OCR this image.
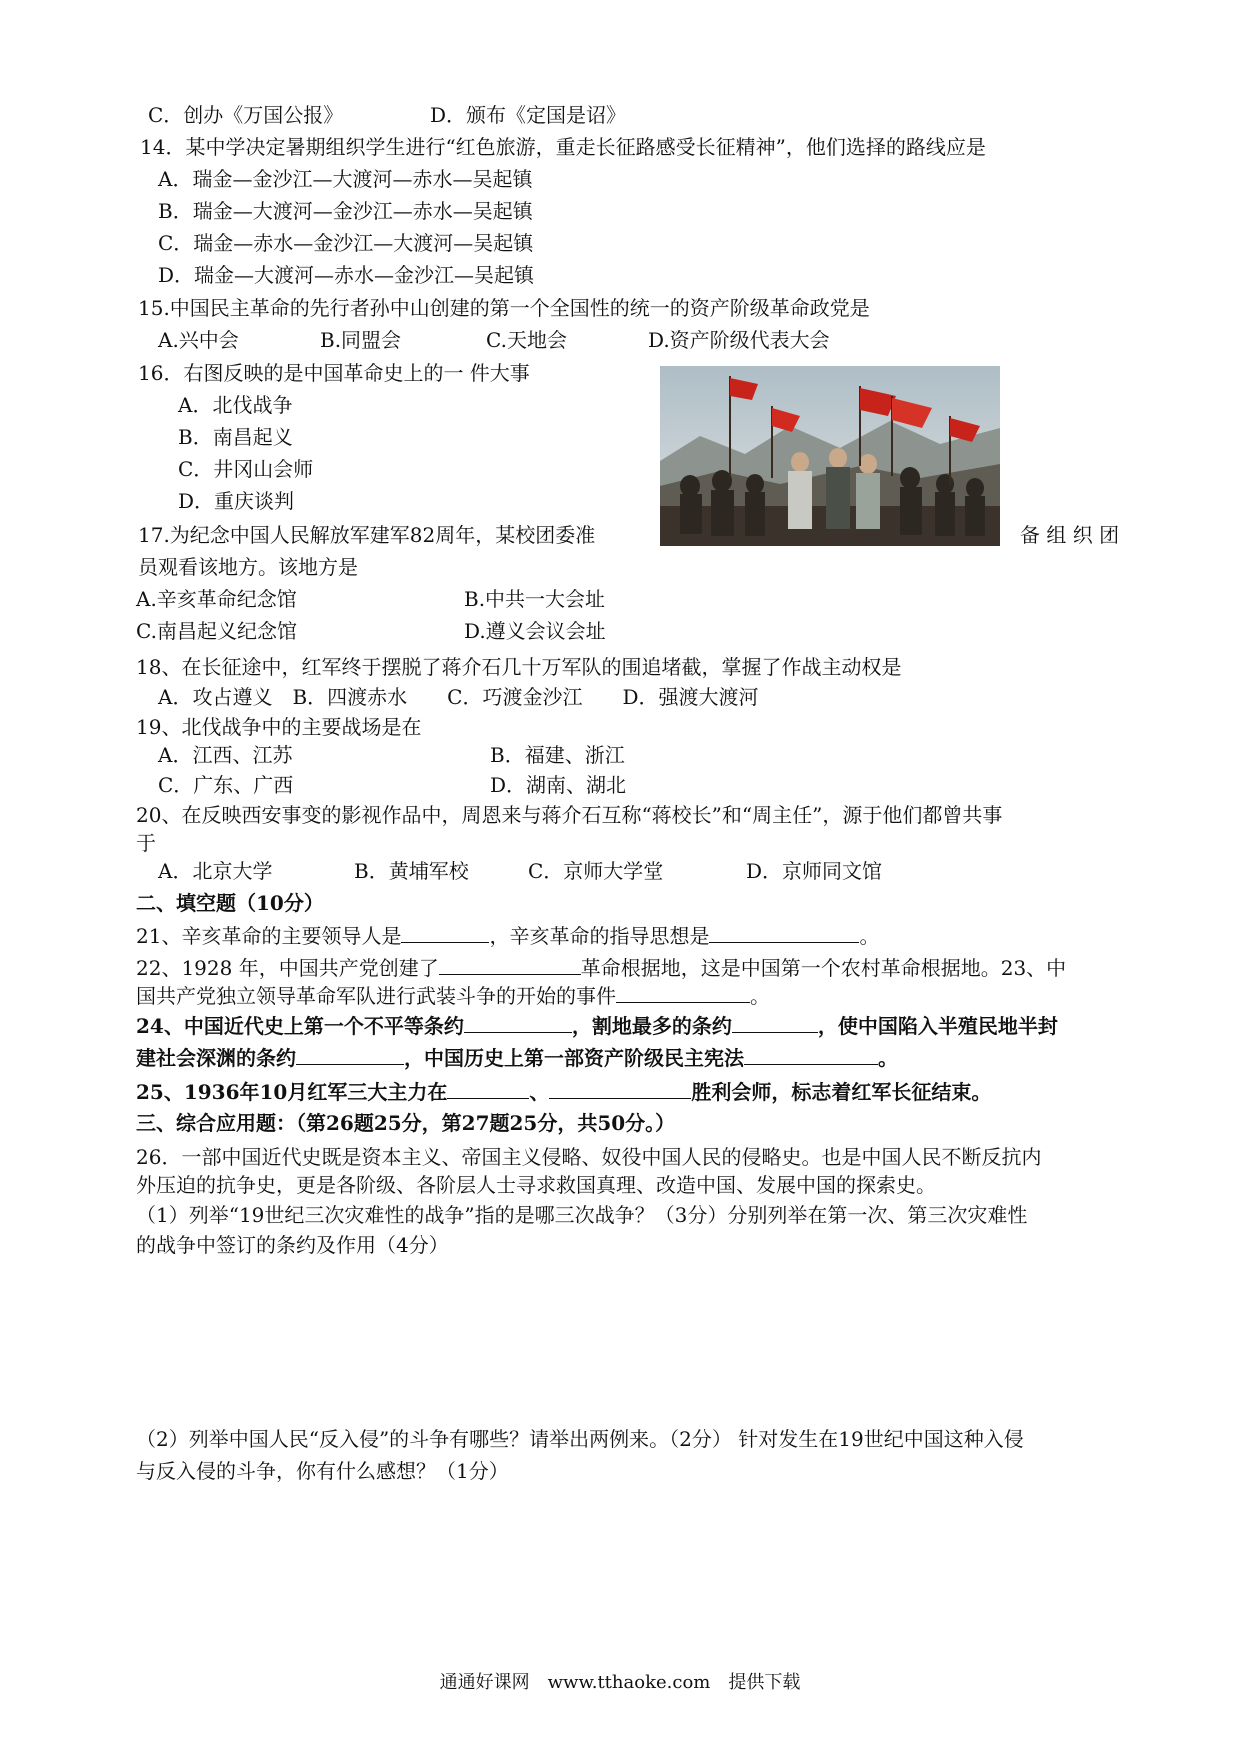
C．创办《万国公报》	D．颁布《定国是诏》
14．某中学决定暑期组织学生进行“红色旅游，重走长征路感受长征精神”，他们选择的路线应是
A．瑞金—金沙江—大渡河—赤水—吴起镇
B．瑞金—大渡河—金沙江—赤水—吴起镇
C．瑞金—赤水—金沙江—大渡河—吴起镇
D．瑞金—大渡河—赤水—金沙江—吴起镇
15.中国民主革命的先行者孙中山创建的第一个全国性的统一的资产阶级革命政党是
A.兴中会	B.同盟会	C.天地会	D.资产阶级代表大会
16．右图反映的是中国革命史上的一 件大事
A．北伐战争
B．南昌起义
C．井冈山会师
D．重庆谈判
17.为纪念中国人民解放军建军82周年，某校团委准	备 组 织 团
员观看该地方。该地方是
A.辛亥革命纪念馆	B.中共一大会址
C.南昌起义纪念馆	D.遵义会议会址
18、在长征途中，红军终于摆脱了蒋介石几十万军队的围追堵截，掌握了作战主动权是
A．攻占遵义　B．四渡赤水　　C．巧渡金沙江　　D．强渡大渡河
19、北伐战争中的主要战场是在
A．江西、江苏	B．福建、浙江
C．广东、广西	D．湖南、湖北
20、在反映西安事变的影视作品中，周恩来与蒋介石互称“蒋校长”和“周主任”，源于他们都曾共事
于
A．北京大学	B．黄埔军校	C．京师大学堂	D．京师同文馆
二、填空题（10分）
21、辛亥革命的主要领导人是	，辛亥革命的指导思想是	。
22、1928 年，中国共产党创建了	革命根据地，这是中国第一个农村革命根据地。23、中
国共产党独立领导革命军队进行武装斗争的开始的事件	。
24、中国近代史上第一个不平等条约	，割地最多的条约	，使中国陷入半殖民地半封
建社会深渊的条约	，中国历史上第一部资产阶级民主宪法	。
25、1936年10月红军三大主力在	、	胜利会师，标志着红军长征结束。
三、综合应用题：（第26题25分，第27题25分，共50分。）
26．一部中国近代史既是资本主义、帝国主义侵略、奴役中国人民的侵略史。也是中国人民不断反抗内
外压迫的抗争史，更是各阶级、各阶层人士寻求救国真理、改造中国、发展中国的探索史。
（1）列举“19世纪三次灾难性的战争”指的是哪三次战争？（3分）分别列举在第一次、第三次灾难性
的战争中签订的条约及作用（4分）
（2）列举中国人民“反入侵”的斗争有哪些？请举出两例来。（2分） 针对发生在19世纪中国这种入侵
与反入侵的斗争，你有什么感想？（1分）
通通好课网　www.tthaoke.com　提供下载
